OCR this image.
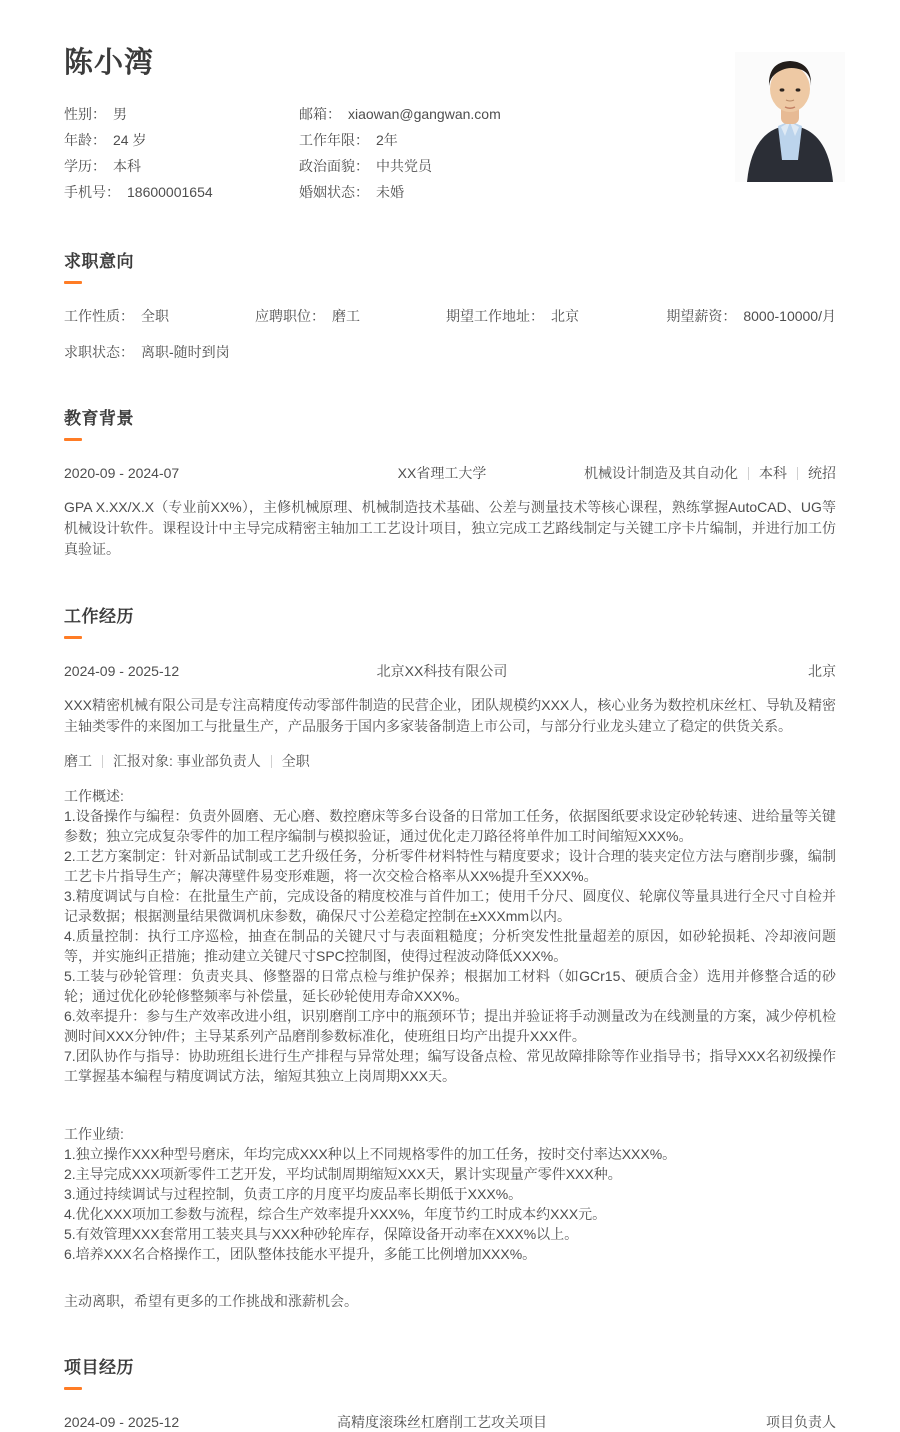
陈小湾
性别： 男	邮箱： xiaowan@gangwan.com
年龄： 24 岁	工作年限： 2年
学历： 本科	政治面貌： 中共党员
手机号： 18600001654	婚姻状态： 未婚
求职意向
工作性质： 全职	应聘职位： 磨工	期望工作地址： 北京	期望薪资： 8000-10000/月
求职状态： 离职-随时到岗
教育背景
2020-09 - 2024-07	XX省理工大学	机械设计制造及其自动化 本科 统招
GPA X.XX/X.X（专业前XX%），主修机械原理、机械制造技术基础、公差与测量技术等核心课程，熟练掌握AutoCAD、UG等机械设计软件。课程设计中主导完成精密主轴加工工艺设计项目，独立完成工艺路线制定与关键工序卡片编制，并进行加工仿真验证。
工作经历
2024-09 - 2025-12	北京XX科技有限公司	北京
XXX精密机械有限公司是专注高精度传动零部件制造的民营企业，团队规模约XXX人，核心业务为数控机床丝杠、导轨及精密主轴类零件的来图加工与批量生产，产品服务于国内多家装备制造上市公司，与部分行业龙头建立了稳定的供货关系。
磨工 汇报对象: 事业部负责人 全职
工作概述:
1.设备操作与编程：负责外圆磨、无心磨、数控磨床等多台设备的日常加工任务，依据图纸要求设定砂轮转速、进给量等关键参数；独立完成复杂零件的加工程序编制与模拟验证，通过优化走刀路径将单件加工时间缩短XXX%。
2.工艺方案制定：针对新品试制或工艺升级任务，分析零件材料特性与精度要求；设计合理的装夹定位方法与磨削步骤，编制工艺卡片指导生产；解决薄壁件易变形难题，将一次交检合格率从XX%提升至XXX%。
3.精度调试与自检：在批量生产前，完成设备的精度校准与首件加工；使用千分尺、圆度仪、轮廓仪等量具进行全尺寸自检并记录数据；根据测量结果微调机床参数，确保尺寸公差稳定控制在±XXXmm以内。
4.质量控制：执行工序巡检，抽查在制品的关键尺寸与表面粗糙度；分析突发性批量超差的原因，如砂轮损耗、冷却液问题等，并实施纠正措施；推动建立关键尺寸SPC控制图，使得过程波动降低XXX%。
5.工装与砂轮管理：负责夹具、修整器的日常点检与维护保养；根据加工材料（如GCr15、硬质合金）选用并修整合适的砂轮；通过优化砂轮修整频率与补偿量，延长砂轮使用寿命XXX%。
6.效率提升：参与生产效率改进小组，识别磨削工序中的瓶颈环节；提出并验证将手动测量改为在线测量的方案，减少停机检测时间XXX分钟/件；主导某系列产品磨削参数标准化，使班组日均产出提升XXX件。
7.团队协作与指导：协助班组长进行生产排程与异常处理；编写设备点检、常见故障排除等作业指导书；指导XXX名初级操作工掌握基本编程与精度调试方法，缩短其独立上岗周期XXX天。
工作业绩:
1.独立操作XXX种型号磨床，年均完成XXX种以上不同规格零件的加工任务，按时交付率达XXX%。
2.主导完成XXX项新零件工艺开发，平均试制周期缩短XXX天，累计实现量产零件XXX种。
3.通过持续调试与过程控制，负责工序的月度平均废品率长期低于XXX%。
4.优化XXX项加工参数与流程，综合生产效率提升XXX%，年度节约工时成本约XXX元。
5.有效管理XXX套常用工装夹具与XXX种砂轮库存，保障设备开动率在XXX%以上。
6.培养XXX名合格操作工，团队整体技能水平提升，多能工比例增加XXX%。
主动离职，希望有更多的工作挑战和涨薪机会。
项目经历
2024-09 - 2025-12	高精度滚珠丝杠磨削工艺攻关项目	项目负责人
